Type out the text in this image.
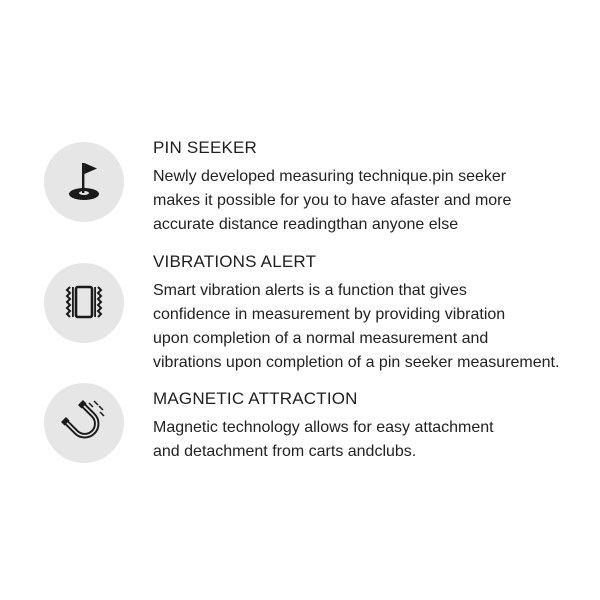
PIN SEEKER

Newly developed measuring technique.pin seeker
makes it possible for you to have afaster and more
accurate distance readingthan anyone else

VIBRATIONS ALERT

Smart vibration alerts is a function that gives
confidence in measurement by providing vibration
upon completion of a normal measurement and
vibrations upon completion of a pin seeker measurement.

MAGNETIC ATTRACTION

Magnetic technology allows for easy attachment
and detachment from carts andclubs.
